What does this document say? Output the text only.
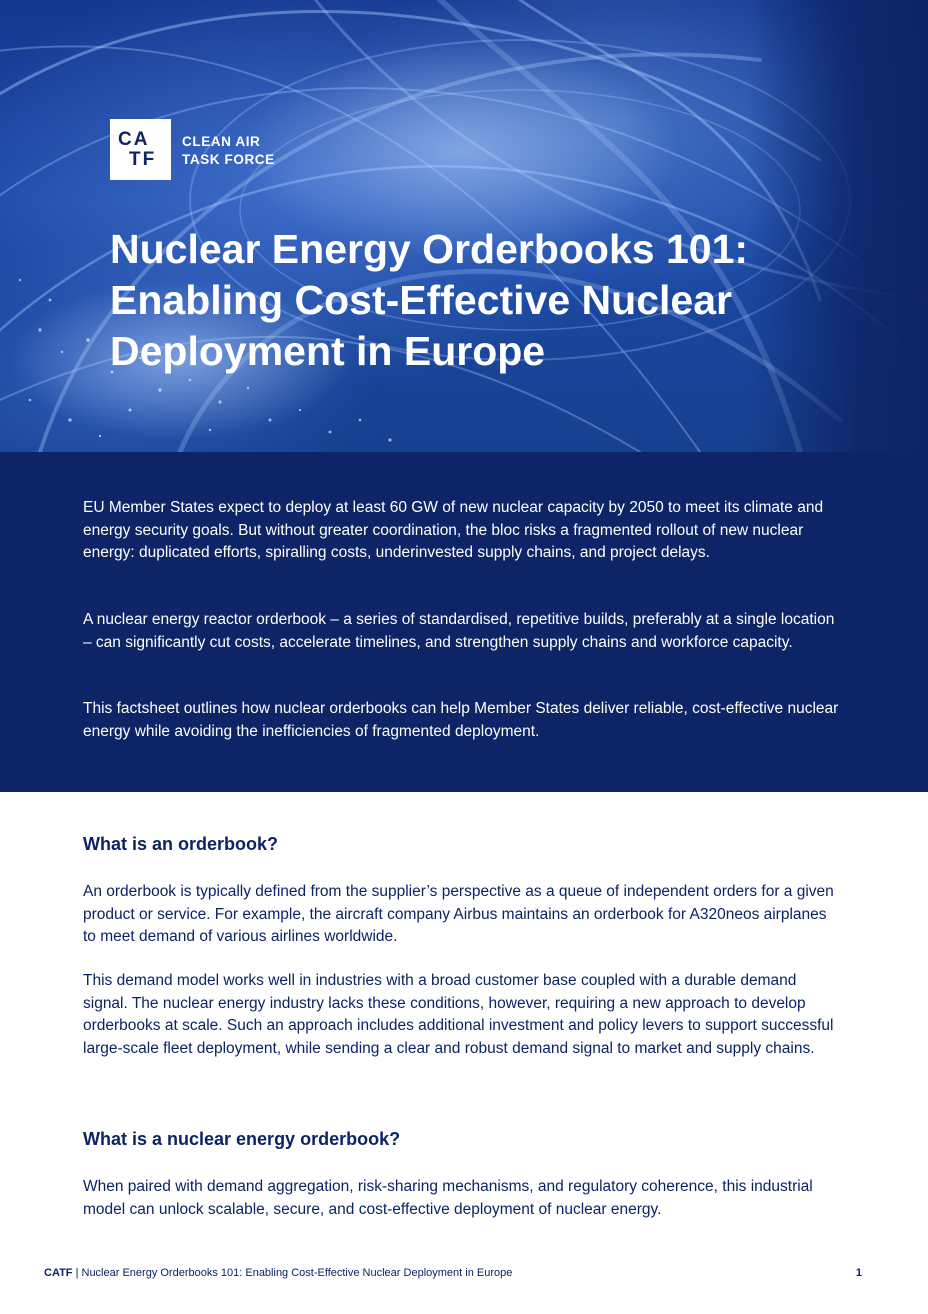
CA
TF
CLEAN AIR
TASK FORCE
Nuclear Energy Orderbooks 101:
Enabling Cost-Effective Nuclear
Deployment in Europe

EU Member States expect to deploy at least 60 GW of new nuclear capacity by 2050 to meet its climate and energy security goals. But without greater coordination, the bloc risks a fragmented rollout of new nuclear energy: duplicated efforts, spiralling costs, underinvested supply chains, and project delays.

A nuclear energy reactor orderbook – a series of standardised, repetitive builds, preferably at a single location – can significantly cut costs, accelerate timelines, and strengthen supply chains and workforce capacity.

This factsheet outlines how nuclear orderbooks can help Member States deliver reliable, cost-effective nuclear energy while avoiding the inefficiencies of fragmented deployment.

What is an orderbook?

An orderbook is typically defined from the supplier’s perspective as a queue of independent orders for a given product or service. For example, the aircraft company Airbus maintains an orderbook for A320neos airplanes to meet demand of various airlines worldwide.

This demand model works well in industries with a broad customer base coupled with a durable demand signal. The nuclear energy industry lacks these conditions, however, requiring a new approach to develop orderbooks at scale. Such an approach includes additional investment and policy levers to support successful large-scale fleet deployment, while sending a clear and robust demand signal to market and supply chains.

What is a nuclear energy orderbook?

When paired with demand aggregation, risk-sharing mechanisms, and regulatory coherence, this industrial model can unlock scalable, secure, and cost-effective deployment of nuclear energy.

CATF | Nuclear Energy Orderbooks 101: Enabling Cost-Effective Nuclear Deployment in Europe	1
